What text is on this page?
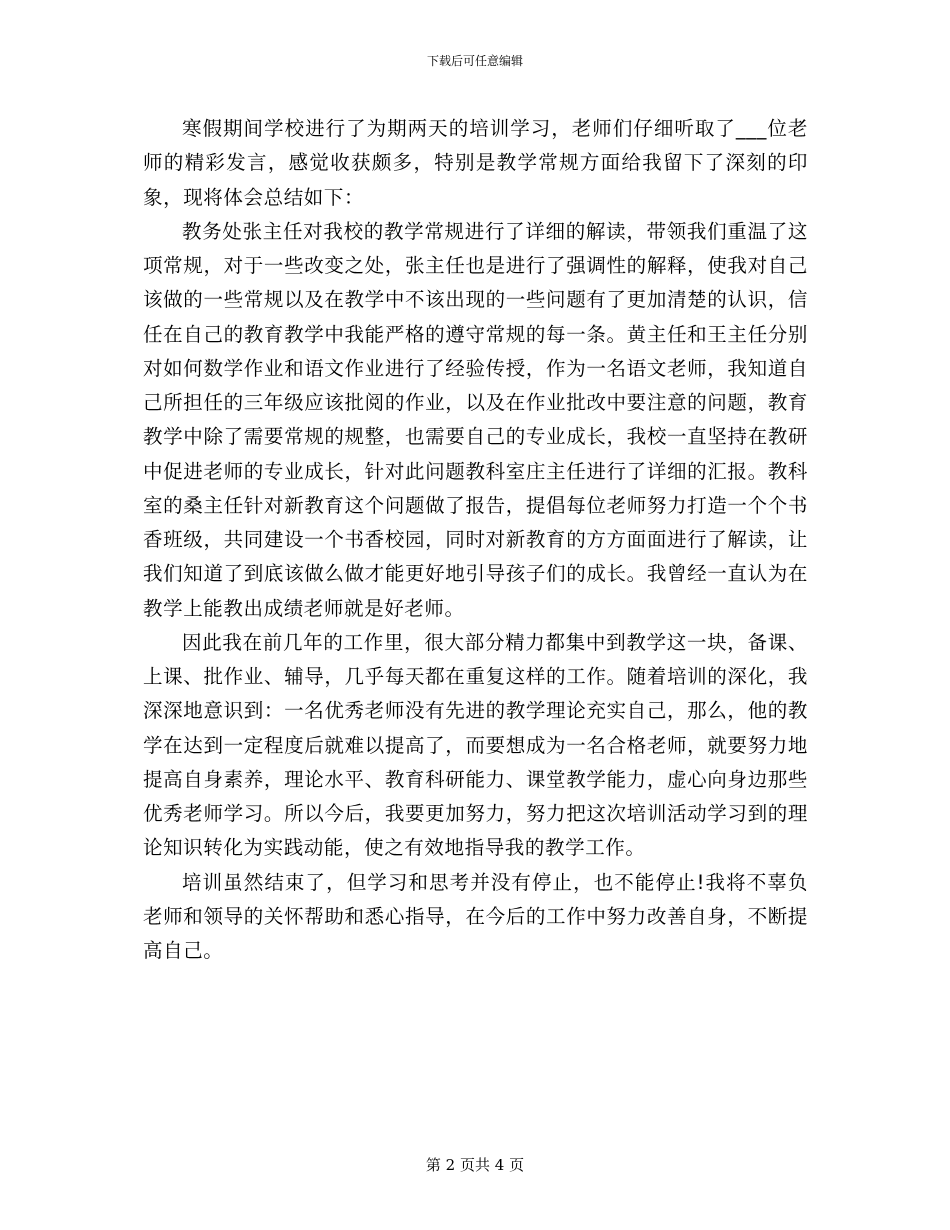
下载后可任意编辑

寒假期间学校进行了为期两天的培训学习，老师们仔细听取了___位老师的精彩发言，感觉收获颇多，特别是教学常规方面给我留下了深刻的印象，现将体会总结如下：

教务处张主任对我校的教学常规进行了详细的解读，带领我们重温了这项常规，对于一些改变之处，张主任也是进行了强调性的解释，使我对自己该做的一些常规以及在教学中不该出现的一些问题有了更加清楚的认识，信任在自己的教育教学中我能严格的遵守常规的每一条。黄主任和王主任分别对如何数学作业和语文作业进行了经验传授，作为一名语文老师，我知道自己所担任的三年级应该批阅的作业，以及在作业批改中要注意的问题，教育教学中除了需要常规的规整，也需要自己的专业成长，我校一直坚持在教研中促进老师的专业成长，针对此问题教科室庄主任进行了详细的汇报。教科室的桑主任针对新教育这个问题做了报告，提倡每位老师努力打造一个个书香班级，共同建设一个书香校园，同时对新教育的方方面面进行了解读，让我们知道了到底该做么做才能更好地引导孩子们的成长。我曾经一直认为在教学上能教出成绩老师就是好老师。

因此我在前几年的工作里，很大部分精力都集中到教学这一块，备课、上课、批作业、辅导，几乎每天都在重复这样的工作。随着培训的深化，我深深地意识到：一名优秀老师没有先进的教学理论充实自己，那么，他的教学在达到一定程度后就难以提高了，而要想成为一名合格老师，就要努力地提高自身素养，理论水平、教育科研能力、课堂教学能力，虚心向身边那些优秀老师学习。所以今后，我要更加努力，努力把这次培训活动学习到的理论知识转化为实践动能，使之有效地指导我的教学工作。

培训虽然结束了，但学习和思考并没有停止，也不能停止!我将不辜负老师和领导的关怀帮助和悉心指导，在今后的工作中努力改善自身，不断提高自己。

第 2 页共 4 页
